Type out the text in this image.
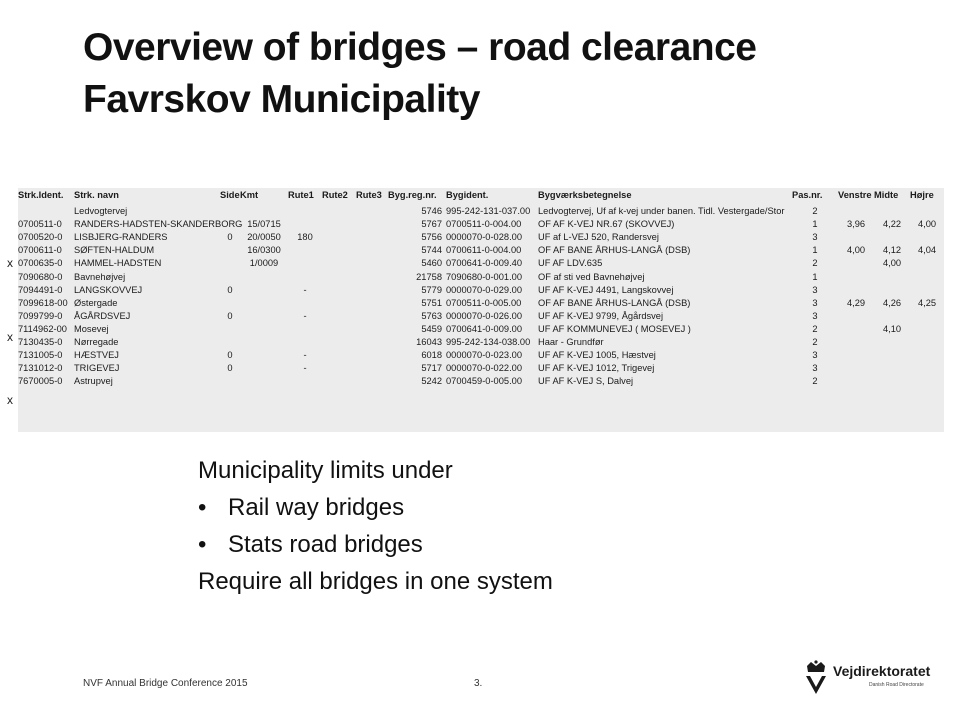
Overview of bridges – road clearance
Favrskov Municipality
Strk.Ident.	Strk. navn	Side	Kmt	Rute1	Rute2	Rute3	Byg.reg.nr.	Bygident.	Bygværksbetegnelse	Pas.nr.	Venstre	Midte	Højre
	Ledvogtervej						5746	995-242-131-037.00	Ledvogtervej, Uf af k-vej under banen. Tidl. Vestergade/Stor	2			
0700511-0	RANDERS-HADSTEN-SKANDERBORG		15/0715				5767	0700511-0-004.00	OF AF K-VEJ NR.67 (SKOVVEJ)	1	3,96	4,22	4,00
0700520-0	LISBJERG-RANDERS	0	20/0050	180			5756	0000070-0-028.00	UF af L-VEJ 520, Randersvej	3			
0700611-0	SØFTEN-HALDUM		16/0300				5744	0700611-0-004.00	OF AF BANE ÅRHUS-LANGÅ (DSB)	1	4,00	4,12	4,04
0700635-0	HAMMEL-HADSTEN		1/0009				5460	0700641-0-009.40	UF AF LDV.635	2		4,00	
7090680-0	Bavnehøjvej						21758	7090680-0-001.00	OF af sti ved Bavnehøjvej	1			
7094491-0	LANGSKOVVEJ	0		-			5779	0000070-0-029.00	UF AF K-VEJ 4491, Langskovvej	3			
7099618-00	Østergade						5751	0700511-0-005.00	OF AF BANE ÅRHUS-LANGÅ (DSB)	3	4,29	4,26	4,25
7099799-0	ÅGÅRDSVEJ	0		-			5763	0000070-0-026.00	UF AF K-VEJ 9799, Ågårdsvej	3			
7114962-00	Mosevej						5459	0700641-0-009.00	UF AF KOMMUNEVEJ ( MOSEVEJ )	2		4,10	
7130435-0	Nørregade						16043	995-242-134-038.00	Haar - Grundfør	2			
7131005-0	HÆSTVEJ	0		-			6018	0000070-0-023.00	UF AF K-VEJ 1005, Hæstvej	3			
7131012-0	TRIGEVEJ	0		-			5717	0000070-0-022.00	UF AF K-VEJ 1012, Trigevej	3			
7670005-0	Astrupvej						5242	0700459-0-005.00	UF AF K-VEJ S, Dalvej	2			
x
x
x
Municipality limits under
• Rail way bridges
• Stats road bridges
Require all bridges in one system
NVF Annual Bridge Conference 2015	3.
Vejdirektoratet
Danish Road Directorate
